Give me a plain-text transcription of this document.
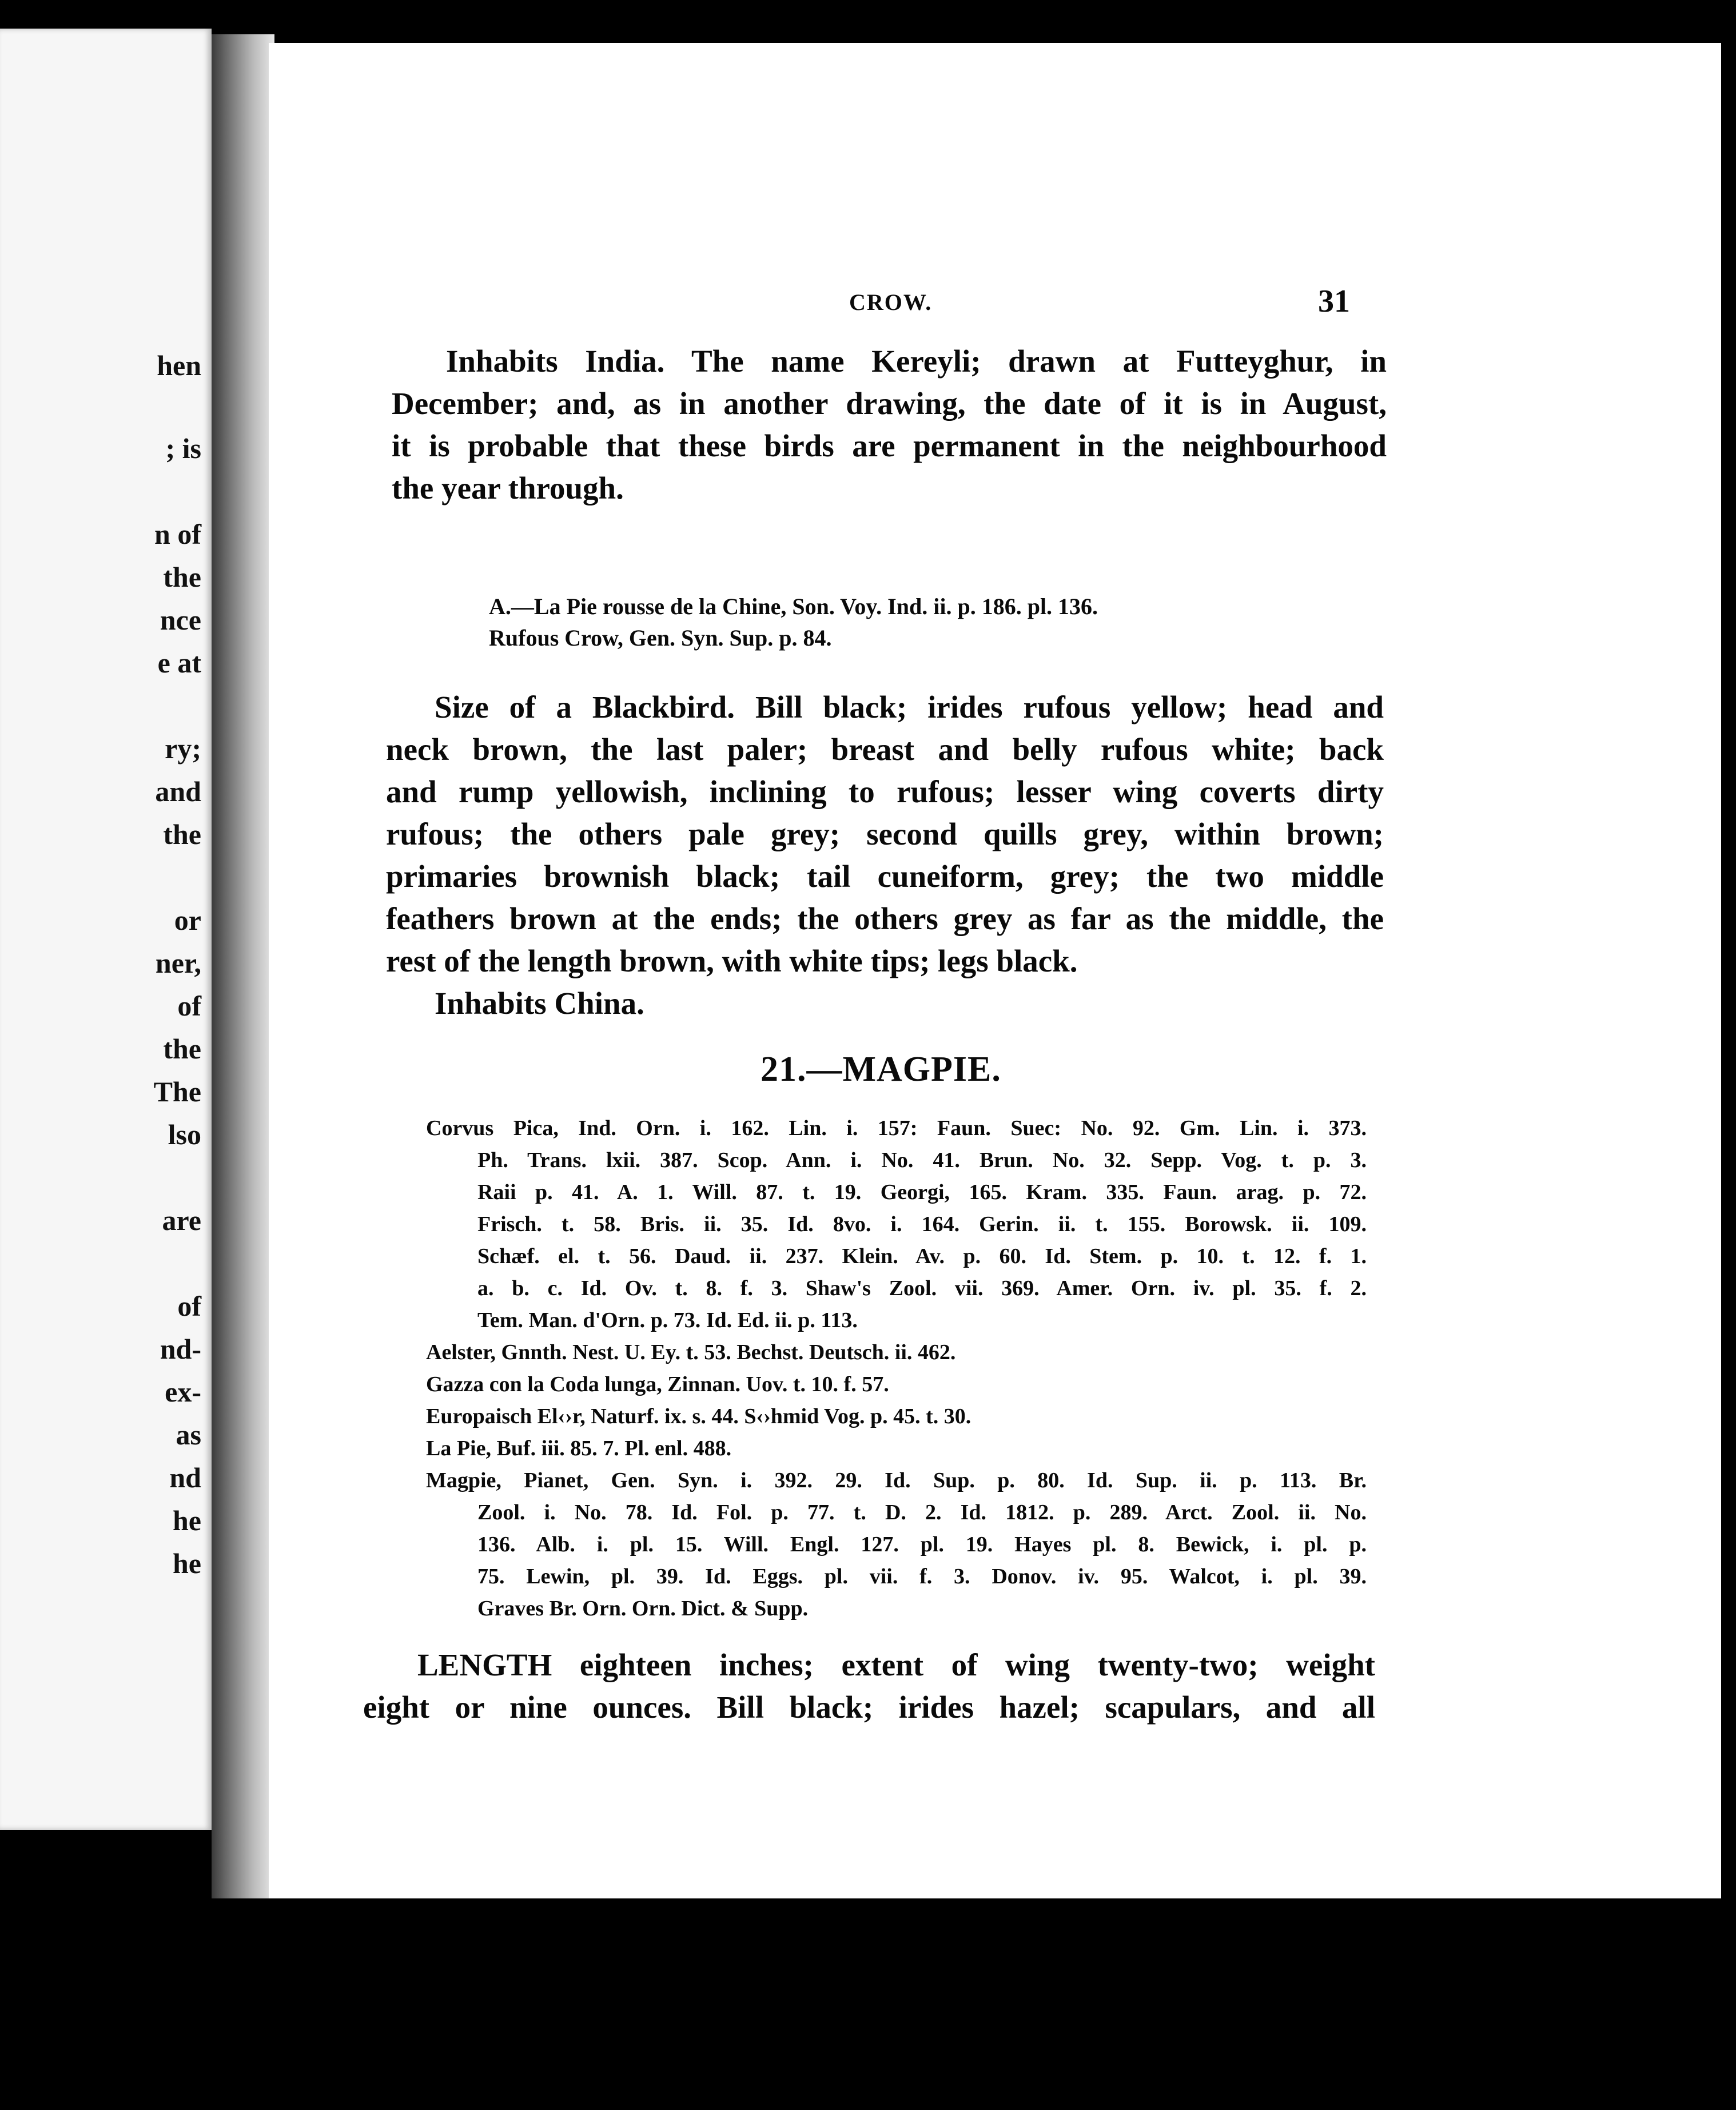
hen
; is
n of
the
nce
e at
ry;
and
the
or
ner,
of
the
The
lso
are
of
nd-
ex-
as
nd
he
he
CROW.	31
Inhabits India. The name Kereyli; drawn at Futteyghur, in
December; and, as in another drawing, the date of it is in August,
it is probable that these birds are permanent in the neighbourhood
the year through.
A.—La Pie rousse de la Chine, Son. Voy. Ind. ii. p. 186. pl. 136.
Rufous Crow, Gen. Syn. Sup. p. 84.
Size of a Blackbird. Bill black; irides rufous yellow; head and
neck brown, the last paler; breast and belly rufous white; back
and rump yellowish, inclining to rufous; lesser wing coverts dirty
rufous; the others pale grey; second quills grey, within brown;
primaries brownish black; tail cuneiform, grey; the two middle
feathers brown at the ends; the others grey as far as the middle, the
rest of the length brown, with white tips; legs black.
Inhabits China.
21.—MAGPIE.
Corvus Pica, Ind. Orn. i. 162. Lin. i. 157: Faun. Suec: No. 92. Gm. Lin. i. 373.
Ph. Trans. lxii. 387. Scop. Ann. i. No. 41. Brun. No. 32. Sepp. Vog. t. p. 3.
Raii p. 41. A. 1. Will. 87. t. 19. Georgi, 165. Kram. 335. Faun. arag. p. 72.
Frisch. t. 58. Bris. ii. 35. Id. 8vo. i. 164. Gerin. ii. t. 155. Borowsk. ii. 109.
Schæf. el. t. 56. Daud. ii. 237. Klein. Av. p. 60. Id. Stem. p. 10. t. 12. f. 1.
a. b. c. Id. Ov. t. 8. f. 3. Shaw's Zool. vii. 369. Amer. Orn. iv. pl. 35. f. 2.
Tem. Man. d'Orn. p. 73. Id. Ed. ii. p. 113.
Aelster, Gnnth. Nest. U. Ey. t. 53. Bechst. Deutsch. ii. 462.
Gazza con la Coda lunga, Zinnan. Uov. t. 10. f. 57.
Europaisch El‹›r, Naturf. ix. s. 44. S‹›hmid Vog. p. 45. t. 30.
La Pie, Buf. iii. 85. 7. Pl. enl. 488.
Magpie, Pianet, Gen. Syn. i. 392. 29. Id. Sup. p. 80. Id. Sup. ii. p. 113. Br.
Zool. i. No. 78. Id. Fol. p. 77. t. D. 2. Id. 1812. p. 289. Arct. Zool. ii. No.
136. Alb. i. pl. 15. Will. Engl. 127. pl. 19. Hayes pl. 8. Bewick, i. pl. p.
75. Lewin, pl. 39. Id. Eggs. pl. vii. f. 3. Donov. iv. 95. Walcot, i. pl. 39.
Graves Br. Orn. Orn. Dict. & Supp.
LENGTH eighteen inches; extent of wing twenty-two; weight
eight or nine ounces. Bill black; irides hazel; scapulars, and all
